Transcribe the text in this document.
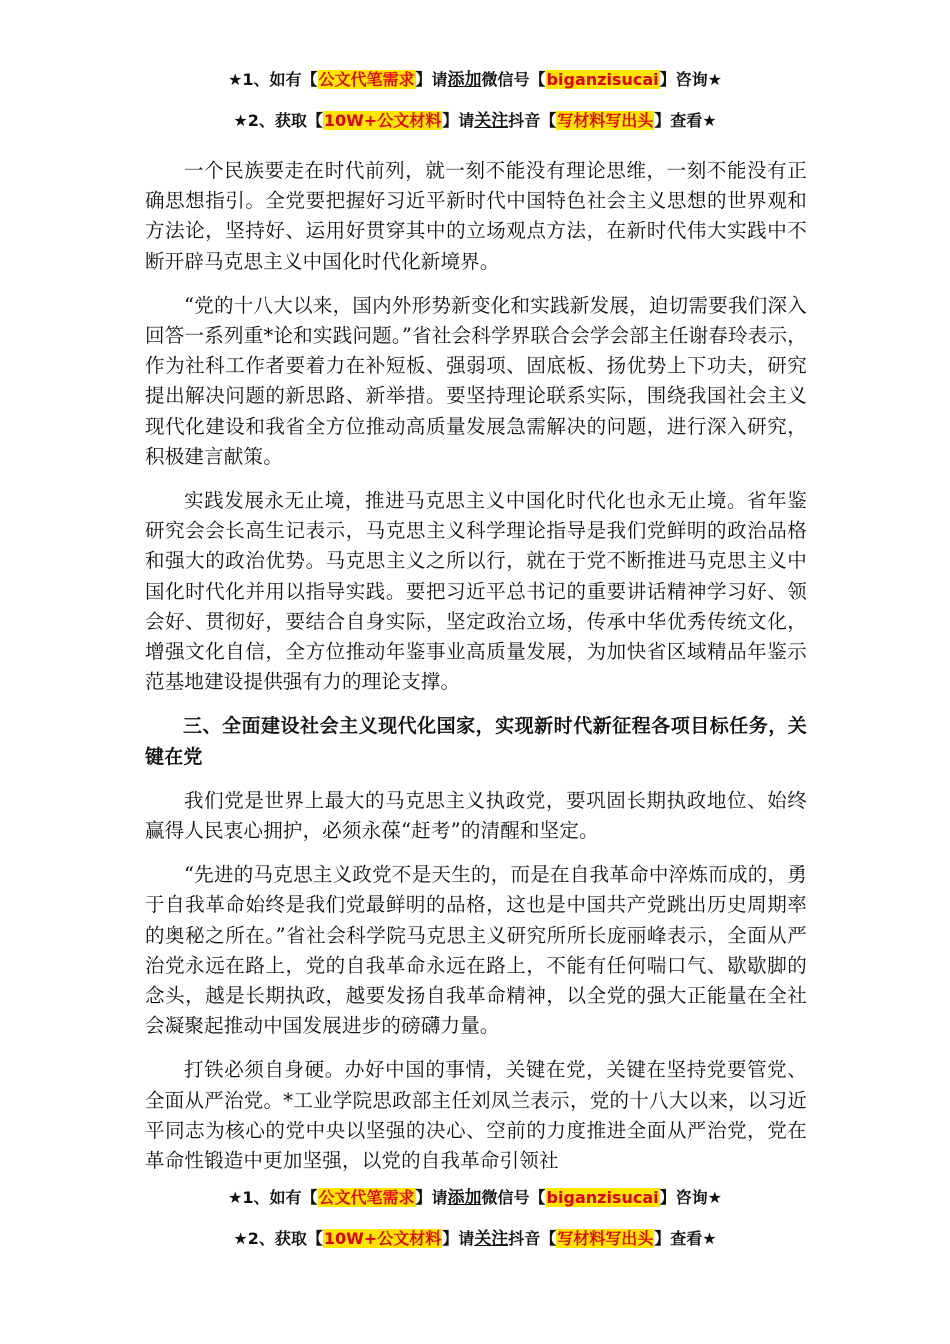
★1、如有【公文代笔需求】请添加微信号【biganzisucai】咨询★
★2、获取【10W+公文材料】请关注抖音【写材料写出头】查看★

一个民族要走在时代前列，就一刻不能没有理论思维，一刻不能没有正确思想指引。全党要把握好习近平新时代中国特色社会主义思想的世界观和方法论，坚持好、运用好贯穿其中的立场观点方法，在新时代伟大实践中不断开辟马克思主义中国化时代化新境界。

“党的十八大以来，国内外形势新变化和实践新发展，迫切需要我们深入回答一系列重*论和实践问题。”省社会科学界联合会学会部主任谢春玲表示，作为社科工作者要着力在补短板、强弱项、固底板、扬优势上下功夫，研究提出解决问题的新思路、新举措。要坚持理论联系实际，围绕我国社会主义现代化建设和我省全方位推动高质量发展急需解决的问题，进行深入研究，积极建言献策。

实践发展永无止境，推进马克思主义中国化时代化也永无止境。省年鉴研究会会长高生记表示，马克思主义科学理论指导是我们党鲜明的政治品格和强大的政治优势。马克思主义之所以行，就在于党不断推进马克思主义中国化时代化并用以指导实践。要把习近平总书记的重要讲话精神学习好、领会好、贯彻好，要结合自身实际，坚定政治立场，传承中华优秀传统文化，增强文化自信，全方位推动年鉴事业高质量发展，为加快省区域精品年鉴示范基地建设提供强有力的理论支撑。

三、全面建设社会主义现代化国家，实现新时代新征程各项目标任务，关键在党

我们党是世界上最大的马克思主义执政党，要巩固长期执政地位、始终赢得人民衷心拥护，必须永葆“赶考”的清醒和坚定。

“先进的马克思主义政党不是天生的，而是在自我革命中淬炼而成的，勇于自我革命始终是我们党最鲜明的品格，这也是中国共产党跳出历史周期率的奥秘之所在。”省社会科学院马克思主义研究所所长庞丽峰表示，全面从严治党永远在路上，党的自我革命永远在路上，不能有任何喘口气、歇歇脚的念头，越是长期执政，越要发扬自我革命精神，以全党的强大正能量在全社会凝聚起推动中国发展进步的磅礴力量。

打铁必须自身硬。办好中国的事情，关键在党，关键在坚持党要管党、全面从严治党。*工业学院思政部主任刘凤兰表示，党的十八大以来，以习近平同志为核心的党中央以坚强的决心、空前的力度推进全面从严治党，党在革命性锻造中更加坚强，以党的自我革命引领社

★1、如有【公文代笔需求】请添加微信号【biganzisucai】咨询★
★2、获取【10W+公文材料】请关注抖音【写材料写出头】查看★
